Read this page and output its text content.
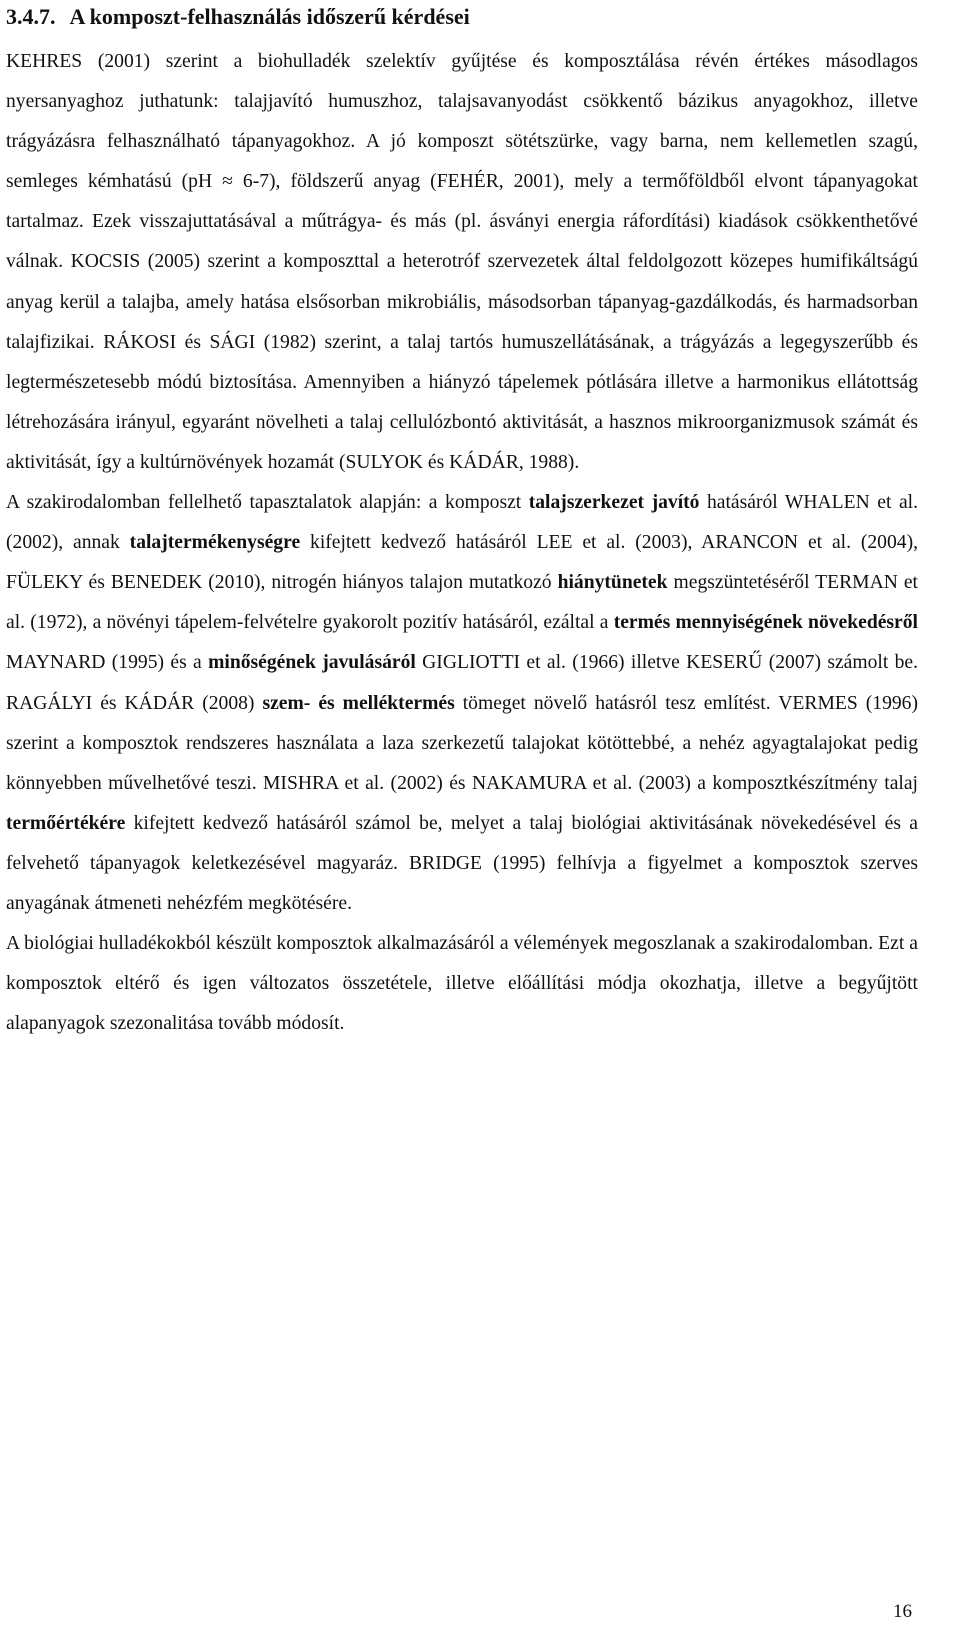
3.4.7. A komposzt-felhasználás időszerű kérdései

KEHRES (2001) szerint a biohulladék szelektív gyűjtése és komposztálása révén értékes másodlagos nyersanyaghoz juthatunk: talajjavító humuszhoz, talajsavanyodást csökkentő bázikus anyagokhoz, illetve trágyázásra felhasználható tápanyagokhoz. A jó komposzt sötétszürke, vagy barna, nem kellemetlen szagú, semleges kémhatású (pH ≈ 6-7), földszerű anyag (FEHÉR, 2001), mely a termőföldből elvont tápanyagokat tartalmaz. Ezek visszajuttatásával a műtrágya- és más (pl. ásványi energia ráfordítási) kiadások csökkenthetővé válnak. KOCSIS (2005) szerint a komposzttal a heterotróf szervezetek által feldolgozott közepes humifikáltságú anyag kerül a talajba, amely hatása elsősorban mikrobiális, másodsorban tápanyag-gazdálkodás, és harmadsorban talajfizikai. RÁKOSI és SÁGI (1982) szerint, a talaj tartós humuszellátásának, a trágyázás a legegyszerűbb és legtermészetesebb módú biztosítása. Amennyiben a hiányzó tápelemek pótlására illetve a harmonikus ellátottság létrehozására irányul, egyaránt növelheti a talaj cellulózbontó aktivitását, a hasznos mikroorganizmusok számát és aktivitását, így a kultúrnövények hozamát (SULYOK és KÁDÁR, 1988).

A szakirodalomban fellelhető tapasztalatok alapján: a komposzt talajszerkezet javító hatásáról WHALEN et al. (2002), annak talajtermékenységre kifejtett kedvező hatásáról LEE et al. (2003), ARANCON et al. (2004), FÜLEKY és BENEDEK (2010), nitrogén hiányos talajon mutatkozó hiánytünetek megszüntetéséről TERMAN et al. (1972), a növényi tápelem-felvételre gyakorolt pozitív hatásáról, ezáltal a termés mennyiségének növekedésről MAYNARD (1995) és a minőségének javulásáról GIGLIOTTI et al. (1966) illetve KESERŰ (2007) számolt be. RAGÁLYI és KÁDÁR (2008) szem- és melléktermés tömeget növelő hatásról tesz említést. VERMES (1996) szerint a komposztok rendszeres használata a laza szerkezetű talajokat kötöttebbé, a nehéz agyagtalajokat pedig könnyebben művelhetővé teszi. MISHRA et al. (2002) és NAKAMURA et al. (2003) a komposztkészítmény talaj termőértékére kifejtett kedvező hatásáról számol be, melyet a talaj biológiai aktivitásának növekedésével és a felvehető tápanyagok keletkezésével magyaráz. BRIDGE (1995) felhívja a figyelmet a komposztok szerves anyagának átmeneti nehézfém megkötésére.

A biológiai hulladékokból készült komposztok alkalmazásáról a vélemények megoszlanak a szakirodalomban. Ezt a komposztok eltérő és igen változatos összetétele, illetve előállítási módja okozhatja, illetve a begyűjtött alapanyagok szezonalitása tovább módosít.

16
